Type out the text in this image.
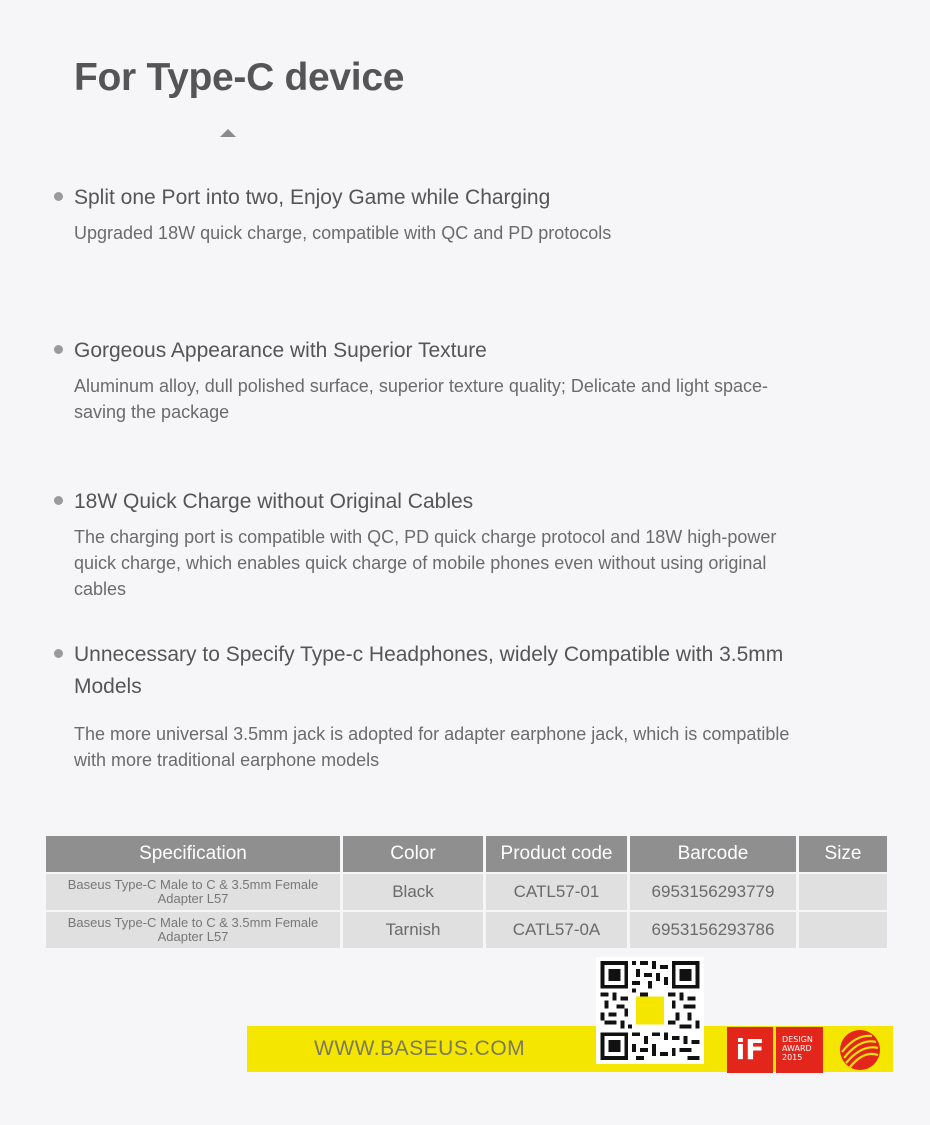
For Type-C device
Split one Port into two, Enjoy Game while Charging
Upgraded 18W quick charge, compatible with QC and PD protocols
Gorgeous Appearance with Superior Texture
Aluminum alloy, dull polished surface, superior texture quality; Delicate and light space-saving the package
18W Quick Charge without Original Cables
The charging port is compatible with QC, PD quick charge protocol and 18W high-power quick charge, which enables quick charge of mobile phones even without using original cables
Unnecessary to Specify Type-c Headphones, widely Compatible with 3.5mm Models
The more universal 3.5mm jack is adopted for adapter earphone jack, which is compatible with more traditional earphone models
Specification	Color	Product code	Barcode	Size
Baseus Type-C Male to C & 3.5mm Female Adapter L57	Black	CATL57-01	6953156293779	
Baseus Type-C Male to C & 3.5mm Female Adapter L57	Tarnish	CATL57-0A	6953156293786	
WWW.BASEUS.COM	iF	DESIGN
AWARD
2015
